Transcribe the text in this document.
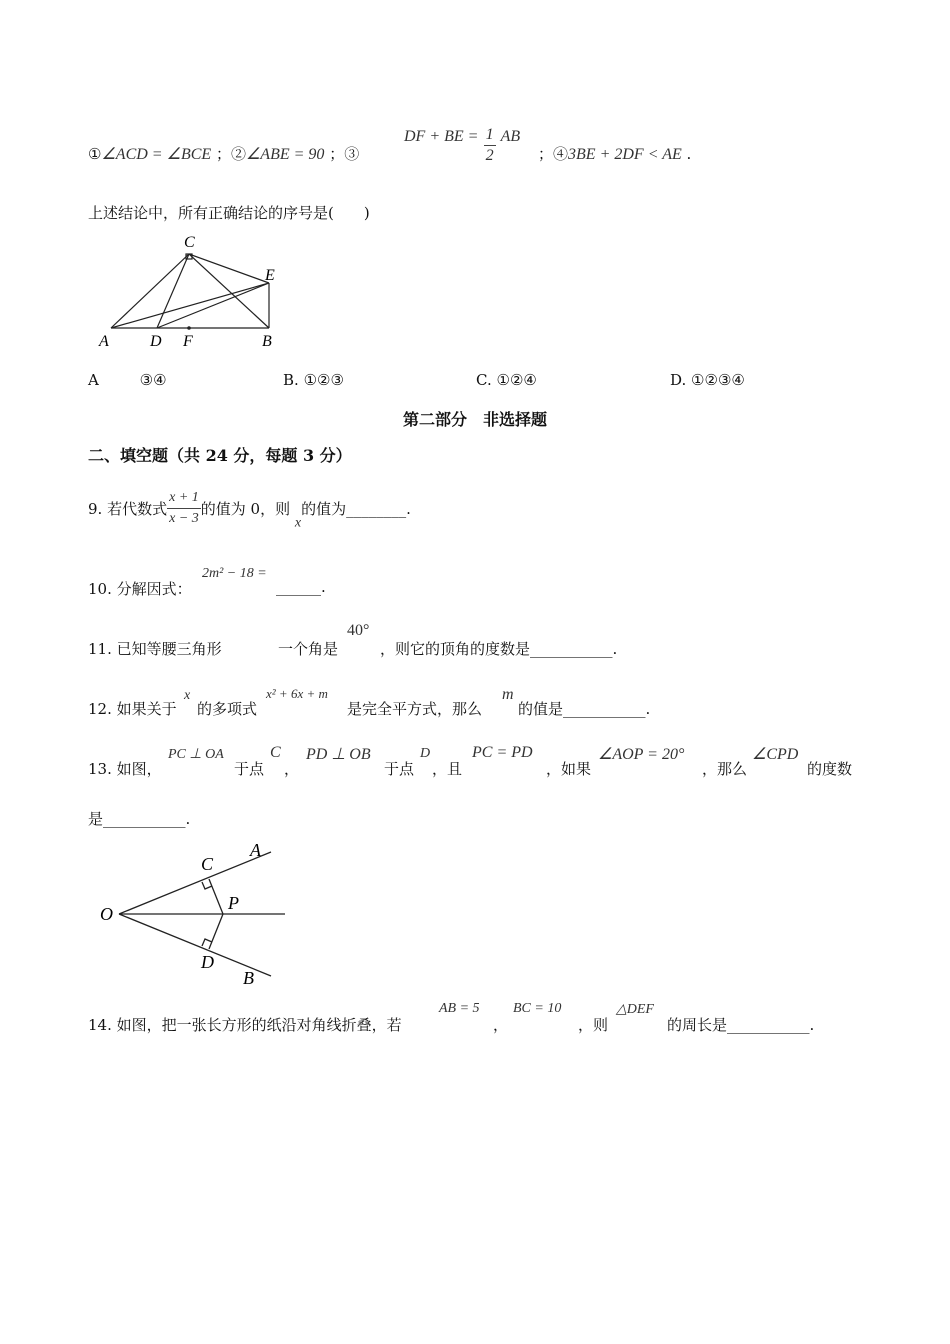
①∠ACD = ∠BCE ；②∠ABE = 90 ；③
DF + BE = $\frac{1}{2}$ AB
；④3BE + 2DF < AE .
上述结论中，所有正确结论的序号是(　　)
C
E
A	D F	B
A	③④	B. ①②③	C. ①②④	D. ①②③④
第二部分　非选择题
二、填空题（共 24 分，每题 3 分）
9. 若代数式 $\frac{x + 1}{x - 3}$ 的值为 0，则 x的值为________.
10. 分解因式：
2m² − 18 =
______.
11. 已知等腰三角形	一个角是
40°
，则它的顶角的度数是___________.
12. 如果关于
x
的多项式
x² + 6x + m
是完全平方式，那么
m
的值是___________.
13. 如图，
PC ⊥ OA
于点
C
，
PD ⊥ OB
于点
D
，且
PC = PD
，如果
∠AOP = 20°
，那么
∠CPD
的度数
是___________.
O
A
C
P
D
B
14. 如图，把一张长方形的纸沿对角线折叠，若
AB = 5
，
BC = 10
，则
△DEF
的周长是___________.
